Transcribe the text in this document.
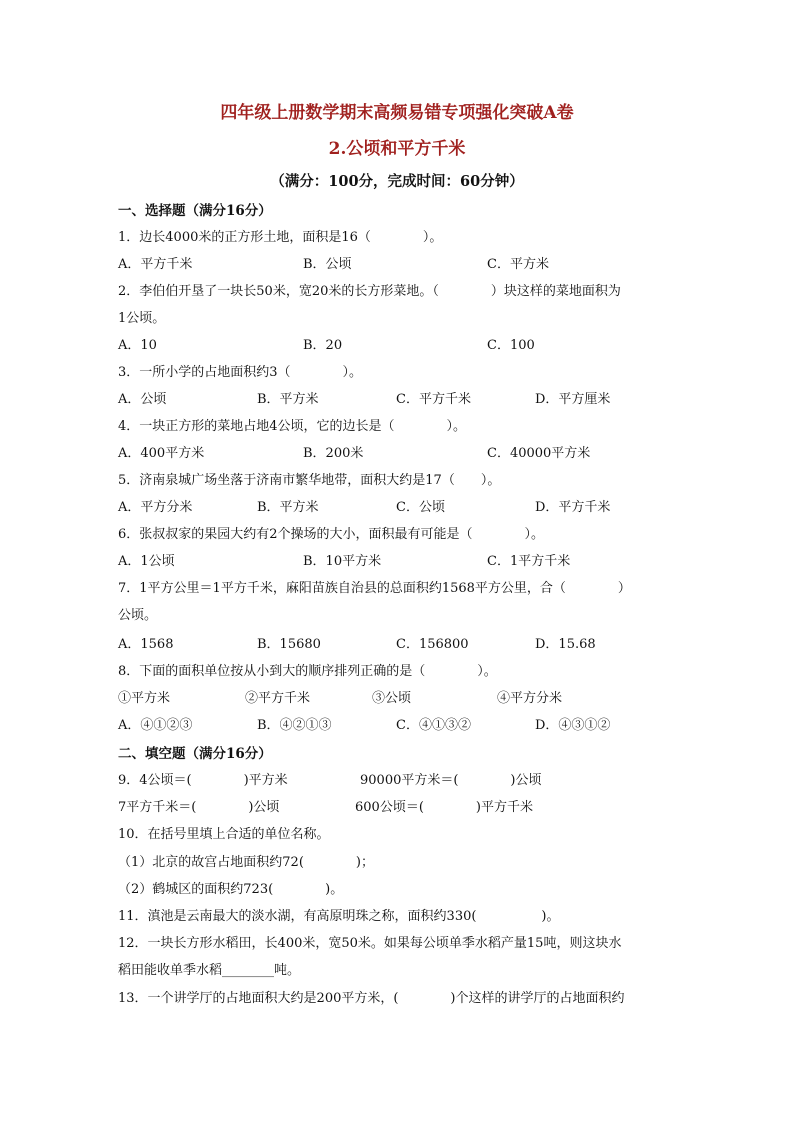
四年级上册数学期末高频易错专项强化突破A卷
2.公顷和平方千米
（满分：100分，完成时间：60分钟）
一、选择题（满分16分）
1．边长4000米的正方形土地，面积是16（　　　　）。
A．平方千米	B．公顷	C．平方米
2．李伯伯开垦了一块长50米，宽20米的长方形菜地。（　　　　）块这样的菜地面积为
1公顷。
A．10	B．20	C．100
3．一所小学的占地面积约3（　　　　）。
A．公顷	B．平方米	C．平方千米	D．平方厘米
4．一块正方形的菜地占地4公顷，它的边长是（　　　　）。
A．400平方米	B．200米	C．40000平方米
5．济南泉城广场坐落于济南市繁华地带，面积大约是17（　　）。
A．平方分米	B．平方米	C．公顷	D．平方千米
6．张叔叔家的果园大约有2个操场的大小，面积最有可能是（　　　　）。
A．1公顷	B．10平方米	C．1平方千米
7．1平方公里＝1平方千米，麻阳苗族自治县的总面积约1568平方公里，合（　　　　）
公顷。
A．1568	B．15680	C．156800	D．15.68
8．下面的面积单位按从小到大的顺序排列正确的是（　　　　）。
①平方米	②平方千米	③公顷	④平方分米
A．④①②③	B．④②①③	C．④①③②	D．④③①②
二、填空题（满分16分）
9．4公顷＝(　　　　)平方米	90000平方米＝(　　　　)公顷
7平方千米＝(　　　　)公顷	600公顷＝(　　　　)平方千米
10．在括号里填上合适的单位名称。
（1）北京的故宫占地面积约72(　　　　)；
（2）鹤城区的面积约723(　　　　)。
11．滇池是云南最大的淡水湖，有高原明珠之称，面积约330(　　　　　)。
12．一块长方形水稻田，长400米，宽50米。如果每公顷单季水稻产量15吨，则这块水
稻田能收单季水稻________吨。
13．一个讲学厅的占地面积大约是200平方米，(　　　　)个这样的讲学厅的占地面积约
